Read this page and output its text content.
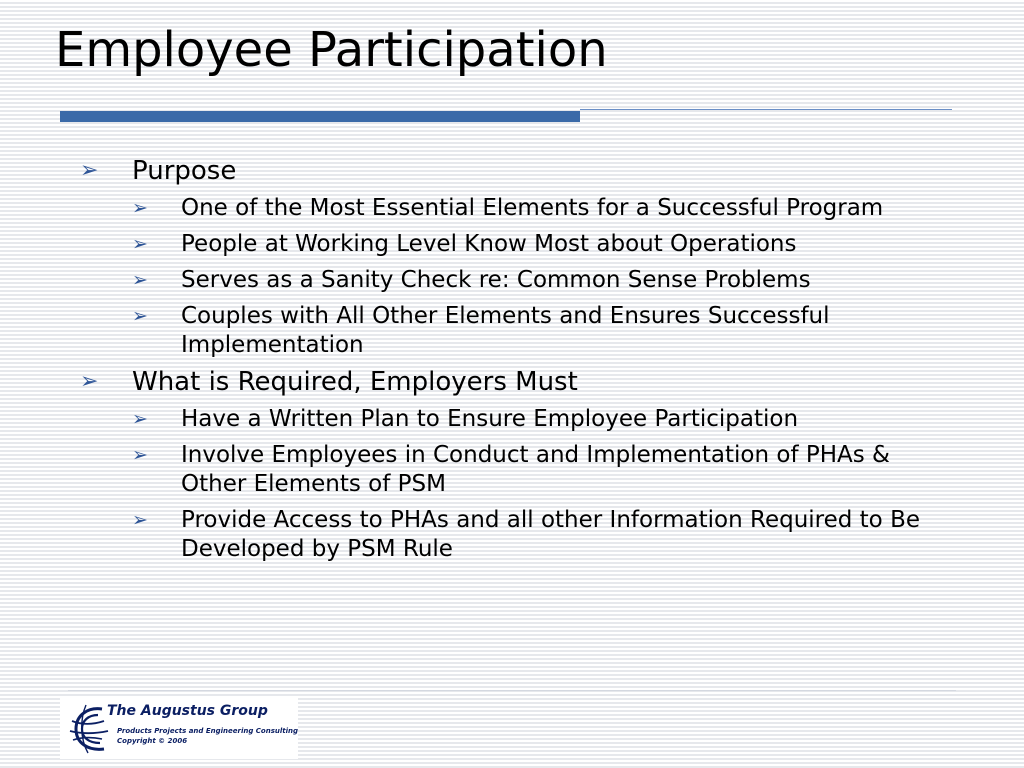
Employee Participation
➢ Purpose
➢ One of the Most Essential Elements for a Successful Program
➢ People at Working Level Know Most about Operations
➢ Serves as a Sanity Check re: Common Sense Problems
➢ Couples with All Other Elements and Ensures Successful Implementation
➢ What is Required, Employers Must
➢ Have a Written Plan to Ensure Employee Participation
➢ Involve Employees in Conduct and Implementation of PHAs & Other Elements of PSM
➢ Provide Access to PHAs and all other Information Required to Be Developed by PSM Rule
The Augustus Group
Products Projects and Engineering Consulting
Copyright © 2006
